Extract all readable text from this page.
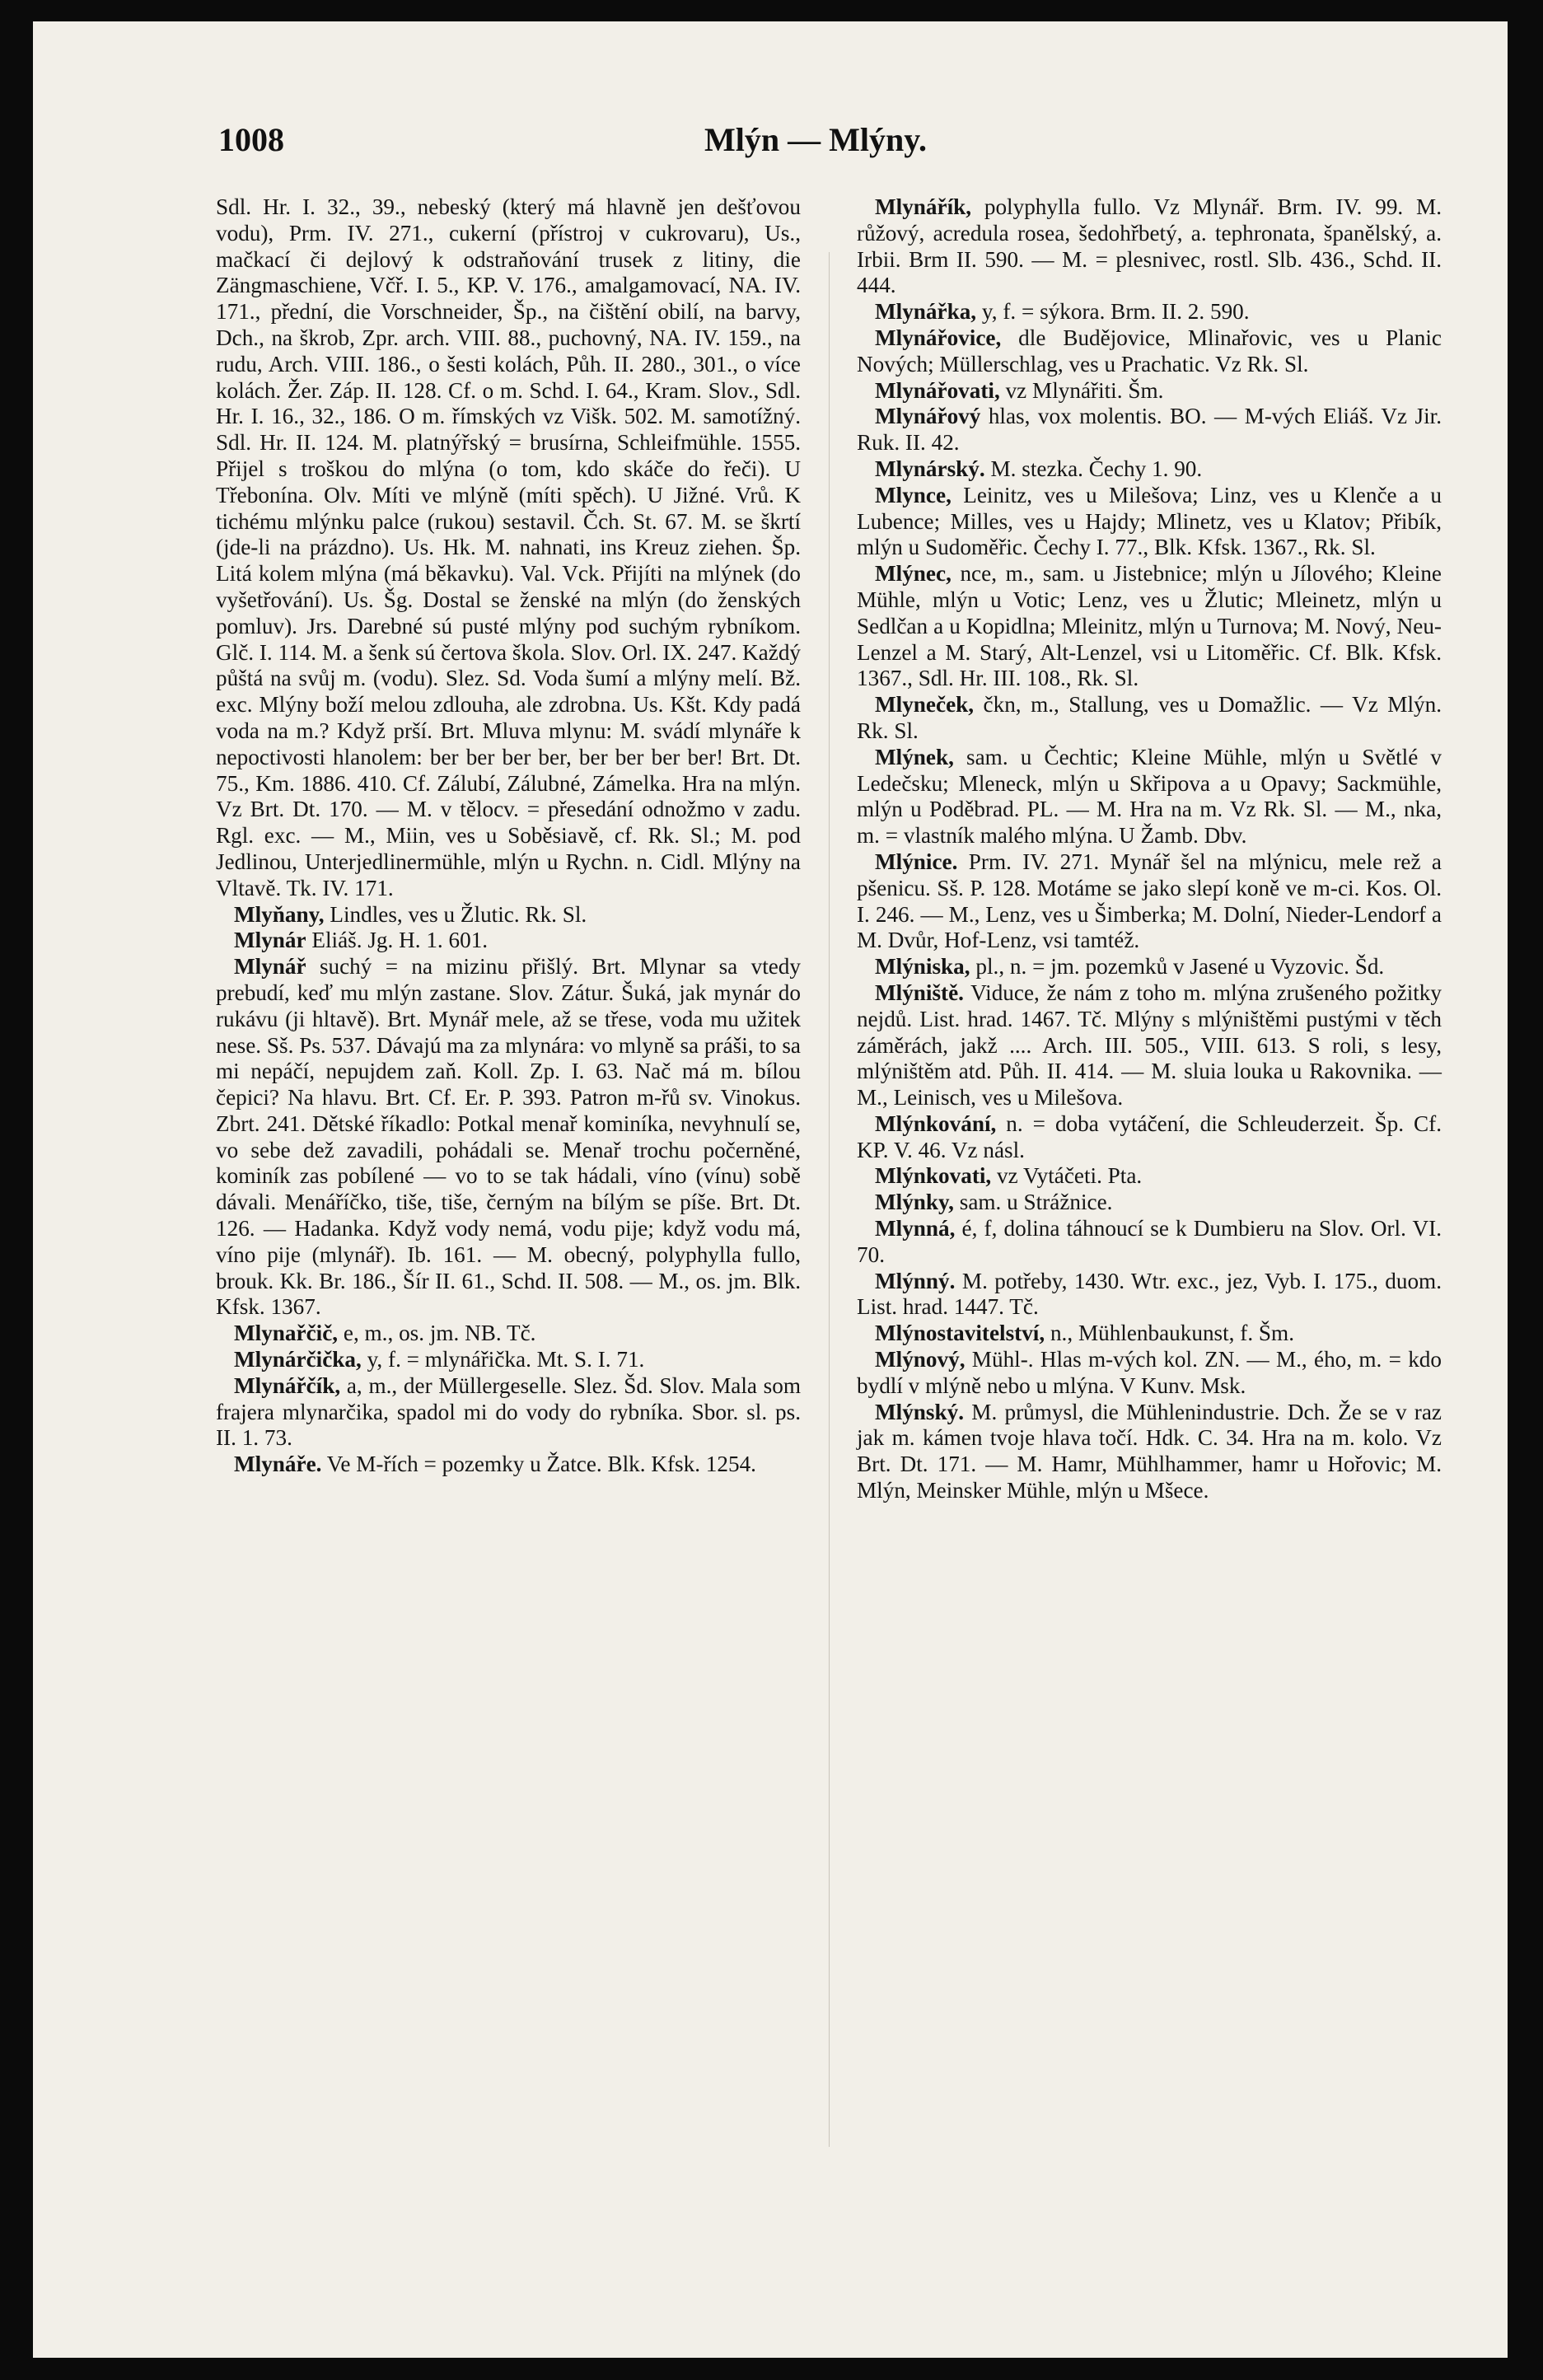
1008	Mlýn — Mlýny.

Sdl. Hr. I. 32., 39., nebeský (který má hlavně jen dešťovou vodu), Prm. IV. 271., cukerní (přístroj v cukrovaru), Us., mačkací či dejlový k odstraňování trusek z litiny, die Zängmaschiene, Včř. I. 5., KP. V. 176., amalgamovací, NA. IV. 171., přední, die Vorschneider, Šp., na čištění obilí, na barvy, Dch., na škrob, Zpr. arch. VIII. 88., puchovný, NA. IV. 159., na rudu, Arch. VIII. 186., o šesti kolách, Půh. II. 280., 301., o více kolách. Žer. Záp. II. 128. Cf. o m. Schd. I. 64., Kram. Slov., Sdl. Hr. I. 16., 32., 186. O m. římských vz Višk. 502. M. samotížný. Sdl. Hr. II. 124. M. platnýřský = brusírna, Schleifmühle. 1555. Přijel s troškou do mlýna (o tom, kdo skáče do řeči). U Třebonína. Olv. Míti ve mlýně (míti spěch). U Jižné. Vrů. K tichému mlýnku palce (rukou) sestavil. Čch. St. 67. M. se škrtí (jde-li na prázdno). Us. Hk. M. nahnati, ins Kreuz ziehen. Šp. Litá kolem mlýna (má běkavku). Val. Vck. Přijíti na mlýnek (do vyšetřování). Us. Šg. Dostal se ženské na mlýn (do ženských pomluv). Jrs. Darebné sú pusté mlýny pod suchým rybníkom. Glč. I. 114. M. a šenk sú čertova škola. Slov. Orl. IX. 247. Každý půštá na svůj m. (vodu). Slez. Sd. Voda šumí a mlýny melí. Bž. exc. Mlýny boží melou zdlouha, ale zdrobna. Us. Kšt. Kdy padá voda na m.? Když prší. Brt. Mluva mlynu: M. svádí mlynáře k nepoctivosti hlanolem: ber ber ber ber, ber ber ber ber! Brt. Dt. 75., Km. 1886. 410. Cf. Zálubí, Zálubné, Zámelka. Hra na mlýn. Vz Brt. Dt. 170. — M. v tělocv. = přesedání odnožmo v zadu. Rgl. exc. — M., Miin, ves u Soběsiavě, cf. Rk. Sl.; M. pod Jedlinou, Unterjedlinermühle, mlýn u Rychn. n. Cidl. Mlýny na Vltavě. Tk. IV. 171.

Mlyňany, Lindles, ves u Žlutic. Rk. Sl.

Mlynár Eliáš. Jg. H. 1. 601.

Mlynář suchý = na mizinu přišlý. Brt. Mlynar sa vtedy prebudí, keď mu mlýn zastane. Slov. Zátur. Šuká, jak mynár do rukávu (ji hltavě). Brt. Mynář mele, až se třese, voda mu užitek nese. Sš. Ps. 537. Dávajú ma za mlynára: vo mlyně sa práši, to sa mi nepáčí, nepujdem zaň. Koll. Zp. I. 63. Nač má m. bílou čepici? Na hlavu. Brt. Cf. Er. P. 393. Patron m-řů sv. Vinokus. Zbrt. 241. Dětské říkadlo: Potkal menař kominíka, nevyhnulí se, vo sebe dež zavadili, pohádali se. Menař trochu počerněné, kominík zas pobílené — vo to se tak hádali, víno (vínu) sobě dávali. Menáříčko, tiše, tiše, černým na bílým se píše. Brt. Dt. 126. — Hadanka. Když vody nemá, vodu pije; když vodu má, víno pije (mlynář). Ib. 161. — M. obecný, polyphylla fullo, brouk. Kk. Br. 186., Šír II. 61., Schd. II. 508. — M., os. jm. Blk. Kfsk. 1367.

Mlynařčič, e, m., os. jm. NB. Tč.

Mlynárčička, y, f. = mlynářička. Mt. S. I. 71.

Mlynářčík, a, m., der Müllergeselle. Slez. Šd. Slov. Mala som frajera mlynarčika, spadol mi do vody do rybníka. Sbor. sl. ps. II. 1. 73.

Mlynáře. Ve M-řích = pozemky u Žatce. Blk. Kfsk. 1254.

Mlynářík, polyphylla fullo. Vz Mlynář. Brm. IV. 99. M. růžový, acredula rosea, šedohřbetý, a. tephronata, španělský, a. Irbii. Brm II. 590. — M. = plesnivec, rostl. Slb. 436., Schd. II. 444.

Mlynářka, y, f. = sýkora. Brm. II. 2. 590.

Mlynářovice, dle Budějovice, Mlinařovic, ves u Planic Nových; Müllerschlag, ves u Prachatic. Vz Rk. Sl.

Mlynářovati, vz Mlynářiti. Šm.

Mlynářový hlas, vox molentis. BO. — M-vých Eliáš. Vz Jir. Ruk. II. 42.

Mlynárský. M. stezka. Čechy 1. 90.

Mlynce, Leinitz, ves u Milešova; Linz, ves u Klenče a u Lubence; Milles, ves u Hajdy; Mlinetz, ves u Klatov; Přibík, mlýn u Sudoměřic. Čechy I. 77., Blk. Kfsk. 1367., Rk. Sl.

Mlýnec, nce, m., sam. u Jistebnice; mlýn u Jílového; Kleine Mühle, mlýn u Votic; Lenz, ves u Žlutic; Mleinetz, mlýn u Sedlčan a u Kopidlna; Mleinitz, mlýn u Turnova; M. Nový, Neu-Lenzel a M. Starý, Alt-Lenzel, vsi u Litoměřic. Cf. Blk. Kfsk. 1367., Sdl. Hr. III. 108., Rk. Sl.

Mlyneček, čkn, m., Stallung, ves u Domažlic. — Vz Mlýn. Rk. Sl.

Mlýnek, sam. u Čechtic; Kleine Mühle, mlýn u Světlé v Ledečsku; Mleneck, mlýn u Skřipova a u Opavy; Sackmühle, mlýn u Poděbrad. PL. — M. Hra na m. Vz Rk. Sl. — M., nka, m. = vlastník malého mlýna. U Žamb. Dbv.

Mlýnice. Prm. IV. 271. Mynář šel na mlýnicu, mele rež a pšenicu. Sš. P. 128. Motáme se jako slepí koně ve m-ci. Kos. Ol. I. 246. — M., Lenz, ves u Šimberka; M. Dolní, Nieder-Lendorf a M. Dvůr, Hof-Lenz, vsi tamtéž.

Mlýniska, pl., n. = jm. pozemků v Jasené u Vyzovic. Šd.

Mlýniště. Viduce, že nám z toho m. mlýna zrušeného požitky nejdů. List. hrad. 1467. Tč. Mlýny s mlýništěmi pustými v těch záměrách, jakž .... Arch. III. 505., VIII. 613. S roli, s lesy, mlýništěm atd. Půh. II. 414. — M. sluia louka u Rakovnika. — M., Leinisch, ves u Milešova.

Mlýnkování, n. = doba vytáčení, die Schleuderzeit. Šp. Cf. KP. V. 46. Vz násl.

Mlýnkovati, vz Vytáčeti. Pta.

Mlýnky, sam. u Strážnice.

Mlynná, é, f, dolina táhnoucí se k Dumbieru na Slov. Orl. VI. 70.

Mlýnný. M. potřeby, 1430. Wtr. exc., jez, Vyb. I. 175., duom. List. hrad. 1447. Tč.

Mlýnostavitelství, n., Mühlenbaukunst, f. Šm.

Mlýnový, Mühl-. Hlas m-vých kol. ZN. — M., ého, m. = kdo bydlí v mlýně nebo u mlýna. V Kunv. Msk.

Mlýnský. M. průmysl, die Mühlenindustrie. Dch. Že se v raz jak m. kámen tvoje hlava točí. Hdk. C. 34. Hra na m. kolo. Vz Brt. Dt. 171. — M. Hamr, Mühlhammer, hamr u Hořovic; M. Mlýn, Meinsker Mühle, mlýn u Mšece.
